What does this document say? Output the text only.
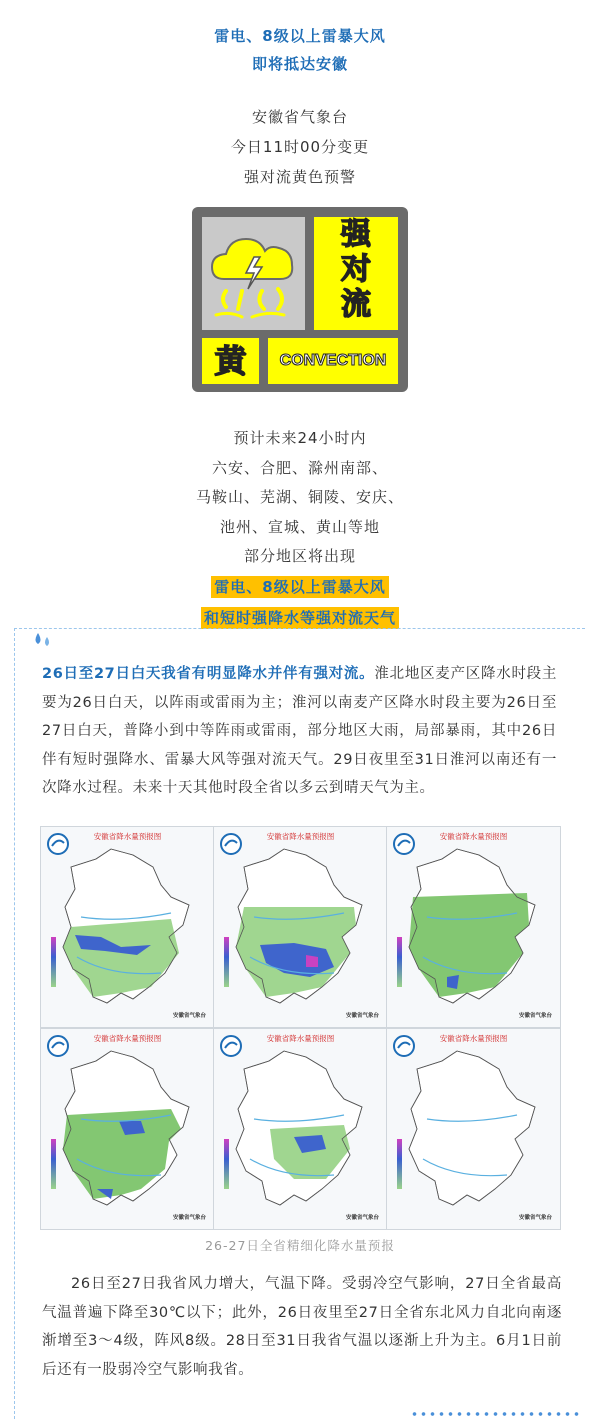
雷电、8级以上雷暴大风
即将抵达安徽
安徽省气象台
今日11时00分变更
强对流黄色预警
强
对
流
黄	CONVECTION
预计未来24小时内
六安、合肥、滁州南部、
马鞍山、芜湖、铜陵、安庆、
池州、宣城、黄山等地
部分地区将出现
雷电、8级以上雷暴大风
和短时强降水等强对流天气
26日至27日白天我省有明显降水并伴有强对流。淮北地区麦产区降水时段主要为26日白天，以阵雨或雷雨为主；淮河以南麦产区降水时段主要为26日至27日白天，普降小到中等阵雨或雷雨，部分地区大雨，局部暴雨，其中26日伴有短时强降水、雷暴大风等强对流天气。29日夜里至31日淮河以南还有一次降水过程。未来十天其他时段全省以多云到晴天气为主。
安徽省降水量预报图
安徽省气象台
安徽省降水量预报图
安徽省气象台
安徽省降水量预报图
安徽省气象台
安徽省降水量预报图
安徽省气象台
安徽省降水量预报图
安徽省气象台
安徽省降水量预报图
安徽省气象台
26-27日全省精细化降水量预报
26日至27日我省风力增大，气温下降。受弱冷空气影响，27日全省最高气温普遍下降至30℃以下；此外，26日夜里至27日全省东北风力自北向南逐渐增至3～4级，阵风8级。28日至31日我省气温以逐渐上升为主。6月1日前后还有一股弱冷空气影响我省。
